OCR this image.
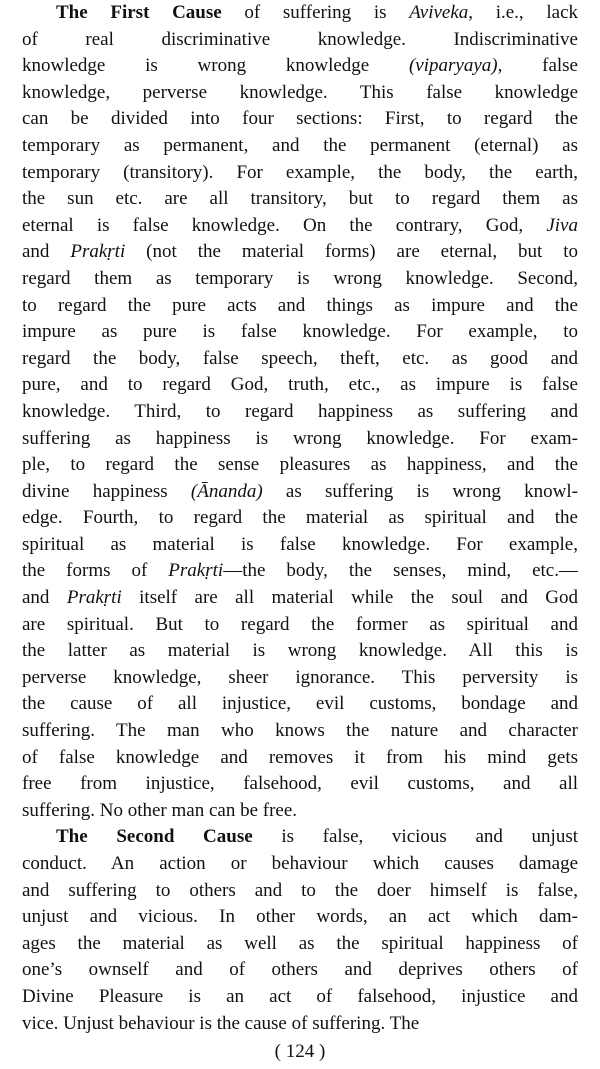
The First Cause of suffering is Aviveka, i.e., lack
of real discriminative knowledge. Indiscriminative
knowledge is wrong knowledge (viparyaya), false
knowledge, perverse knowledge. This false knowledge
can be divided into four sections: First, to regard the
temporary as permanent, and the permanent (eternal) as
temporary (transitory). For example, the body, the earth,
the sun etc. are all transitory, but to regard them as
eternal is false knowledge. On the contrary, God, Jiva
and Prakṛti (not the material forms) are eternal, but to
regard them as temporary is wrong knowledge. Second,
to regard the pure acts and things as impure and the
impure as pure is false knowledge. For example, to
regard the body, false speech, theft, etc. as good and
pure, and to regard God, truth, etc., as impure is false
knowledge. Third, to regard happiness as suffering and
suffering as happiness is wrong knowledge. For exam-
ple, to regard the sense pleasures as happiness, and the
divine happiness (Ānanda) as suffering is wrong knowl-
edge. Fourth, to regard the material as spiritual and the
spiritual as material is false knowledge. For example,
the forms of Prakṛti—the body, the senses, mind, etc.—
and Prakṛti itself are all material while the soul and God
are spiritual. But to regard the former as spiritual and
the latter as material is wrong knowledge. All this is
perverse knowledge, sheer ignorance. This perversity is
the cause of all injustice, evil customs, bondage and
suffering. The man who knows the nature and character
of false knowledge and removes it from his mind gets
free from injustice, falsehood, evil customs, and all
suffering. No other man can be free.
The Second Cause is false, vicious and unjust
conduct. An action or behaviour which causes damage
and suffering to others and to the doer himself is false,
unjust and vicious. In other words, an act which dam-
ages the material as well as the spiritual happiness of
one’s ownself and of others and deprives others of
Divine Pleasure is an act of falsehood, injustice and
vice. Unjust behaviour is the cause of suffering. The
( 124 )
